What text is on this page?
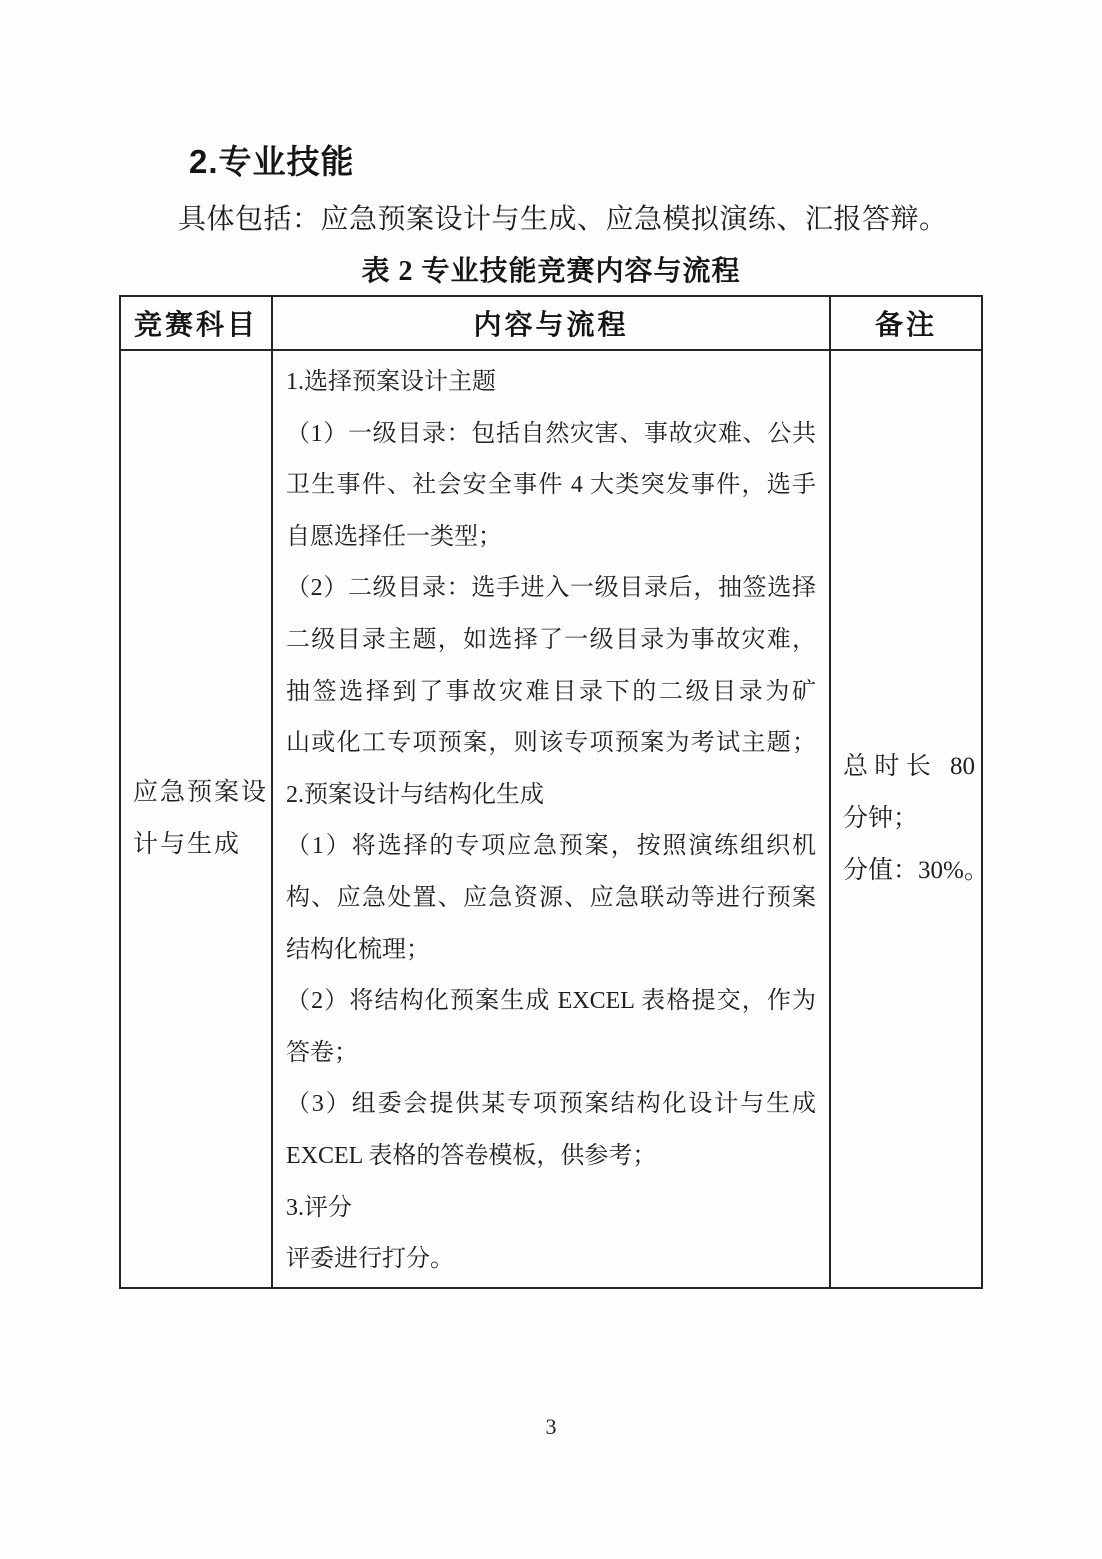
2.专业技能
具体包括：应急预案设计与生成、应急模拟演练、汇报答辩。
表 2 专业技能竞赛内容与流程
竞赛科目	内容与流程	备注
应急预案设
计与生成
1.选择预案设计主题
（1）一级目录：包括自然灾害、事故灾难、公共
卫生事件、社会安全事件 4 大类突发事件，选手
自愿选择任一类型；
（2）二级目录：选手进入一级目录后，抽签选择
二级目录主题，如选择了一级目录为事故灾难，
抽签选择到了事故灾难目录下的二级目录为矿
山或化工专项预案，则该专项预案为考试主题；
2.预案设计与结构化生成
（1）将选择的专项应急预案，按照演练组织机
构、应急处置、应急资源、应急联动等进行预案
结构化梳理；
（2）将结构化预案生成 EXCEL 表格提交，作为
答卷；
（3）组委会提供某专项预案结构化设计与生成
EXCEL 表格的答卷模板，供参考；
3.评分
评委进行打分。
总时长 80
分钟；
分值：30%。
3
